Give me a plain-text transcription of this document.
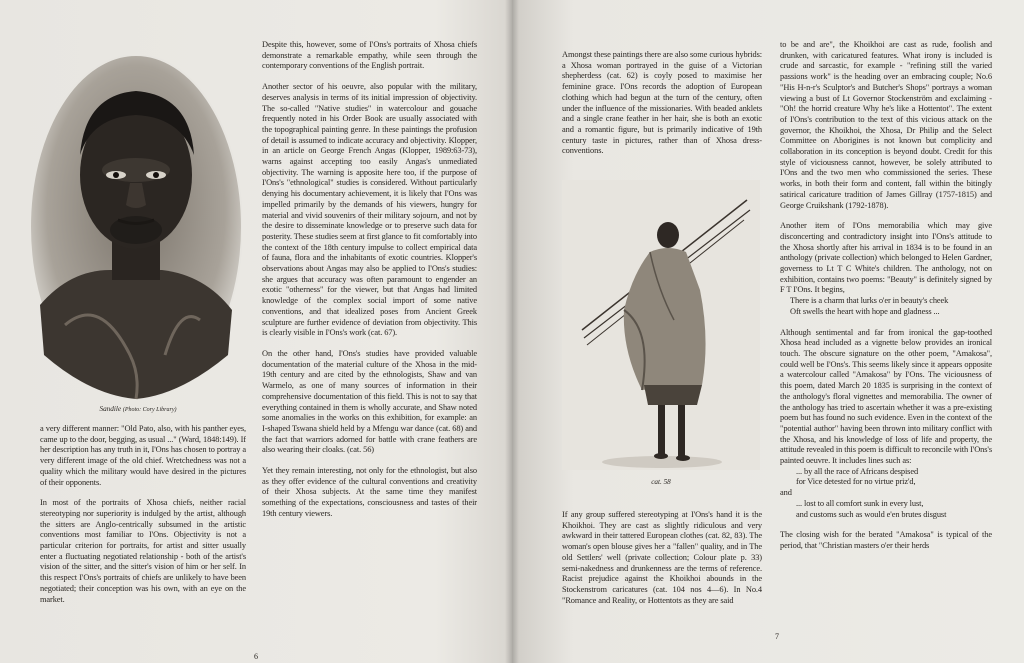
Sandile (Photo: Cory Library)

a very different manner: "Old Pato, also, with his panther eyes, came up to the door, begging, as usual ..." (Ward, 1848:149). If her description has any truth in it, I'Ons has chosen to portray a very different image of the old chief. Wretchedness was not a quality which the military would have desired in the pictures of their opponents.

In most of the portraits of Xhosa chiefs, neither racial stereotyping nor superiority is indulged by the artist, although the sitters are Anglo-centrically subsumed in the artistic conventions most familiar to I'Ons. Objectivity is not a particular criterion for portraits, for artist and sitter usually enter a fluctuating negotiated relationship - both of the artist's vision of the sitter, and the sitter's vision of him or her self. In this respect I'Ons's portraits of chiefs are unlikely to have been negotiated; their conception was his own, with an eye on the market.

Despite this, however, some of I'Ons's portraits of Xhosa chiefs demonstrate a remarkable empathy, while seen through the contemporary conventions of the English portrait.

Another sector of his oeuvre, also popular with the military, deserves analysis in terms of its initial impression of objectivity. The so-called "Native studies" in watercolour and gouache frequently noted in his Order Book are usually associated with the topographical painting genre. In these paintings the profusion of detail is assumed to indicate accuracy and objectivity. Klopper, in an article on George French Angas (Klopper, 1989:63-73), warns against accepting too easily Angas's unmediated objectivity. The warning is apposite here too, if the purpose of I'Ons's "ethnological" studies is considered. Without particularly denying his documentary achievement, it is likely that I'Ons was impelled primarily by the demands of his viewers, hungry for material and vivid souvenirs of their military sojourn, and not by the desire to disseminate knowledge or to preserve such data for posterity. These studies seem at first glance to fit comfortably into the context of the 18th century impulse to collect empirical data of fauna, flora and the inhabitants of exotic countries. Klopper's observations about Angas may also be applied to I'Ons's studies: she argues that accuracy was often paramount to engender an exotic "otherness" for the viewer, but that Angas had limited knowledge of the complex social import of some native conventions, and that idealized poses from Ancient Greek sculpture are further evidence of deviation from objectivity. This is clearly visible in I'Ons's work (cat. 67).

On the other hand, I'Ons's studies have provided valuable documentation of the material culture of the Xhosa in the mid-19th century and are cited by the ethnologists, Shaw and van Warmelo, as one of many sources of information in their comprehensive documentation of this field. This is not to say that everything contained in them is wholly accurate, and Shaw noted some anomalies in the works on this exhibition, for example: an I-shaped Tswana shield held by a Mfengu war dance (cat. 68) and the fact that warriors adorned for battle with crane feathers are also wearing their cloaks. (cat. 56)

Yet they remain interesting, not only for the ethnologist, but also as they offer evidence of the cultural conventions and creativity of their Xhosa subjects. At the same time they manifest something of the expectations, consciousness and tastes of their 19th century viewers.

6

Amongst these paintings there are also some curious hybrids: a Xhosa woman portrayed in the guise of a Victorian shepherdess (cat. 62) is coyly posed to maximise her feminine grace. I'Ons records the adoption of European clothing which had begun at the turn of the century, often under the influence of the missionaries. With beaded anklets and a single crane feather in her hair, she is both an exotic and a romantic figure, but is primarily indicative of 19th century taste in pictures, rather than of Xhosa dress-conventions.

cat. 58

If any group suffered stereotyping at I'Ons's hand it is the Khoikhoi. They are cast as slightly ridiculous and very awkward in their tattered European clothes (cat. 82, 83). The woman's open blouse gives her a "fallen" quality, and in The old Settlers' well (private collection; Colour plate p. 33) semi-nakedness and drunkenness are the terms of reference. Racist prejudice against the Khoikhoi abounds in the Stockenstrom caricatures (cat. 104 nos 4—6). In No.4 "Romance and Reality, or Hottentots as they are said

to be and are", the Khoikhoi are cast as rude, foolish and drunken, with caricatured features. What irony is included is crude and sarcastic, for example - "refining still the varied passions work" is the heading over an embracing couple; No.6 "His H-n-r's Sculptor's and Butcher's Shops" portrays a woman viewing a bust of Lt Governor Stockenström and exclaiming - "Oh! the horrid creature Why he's like a Hottentot". The extent of I'Ons's contribution to the text of this vicious attack on the governor, the Khoikhoi, the Xhosa, Dr Philip and the Select Committee on Aborigines is not known but complicity and collaboration in its conception is beyond doubt. Credit for this style of viciousness cannot, however, be solely attributed to I'Ons and the two men who commissioned the series. These works, in both their form and content, fall within the bitingly satirical caricature tradition of James Gillray (1757-1815) and George Cruikshank (1792-1878).

Another item of I'Ons memorabilia which may give disconcerting and contradictory insight into I'Ons's attitude to the Xhosa shortly after his arrival in 1834 is to be found in an anthology (private collection) which belonged to Helen Gardner, governess to Lt T C White's children. The anthology, not on exhibition, contains two poems: "Beauty" is definitely signed by F T I'Ons. It begins,

There is a charm that lurks o'er in beauty's cheek

Oft swells the heart with hope and gladness ...

Although sentimental and far from ironical the gap-toothed Xhosa head included as a vignette below provides an ironical touch. The obscure signature on the other poem, "Amakosa", could well be I'Ons's. This seems likely since it appears opposite a watercolour called "Amakosa" by I'Ons. The viciousness of this poem, dated March 20 1835 is surprising in the context of the anthology's floral vignettes and memorabilia. The owner of the anthology has tried to ascertain whether it was a pre-existing poem but has found no such evidence. Even in the context of the "potential author" having been thrown into military conflict with the Xhosa, and his knowledge of loss of life and property, the attitude revealed in this poem is difficult to reconcile with I'Ons's painted oeuvre. It includes lines such as:

... by all the race of Africans despised

for Vice detested for no virtue priz'd,

and

... lost to all comfort sunk in every lust,

and customs such as would e'en brutes disgust

The closing wish for the berated "Amakosa" is typical of the period, that "Christian masters o'er their herds

7
